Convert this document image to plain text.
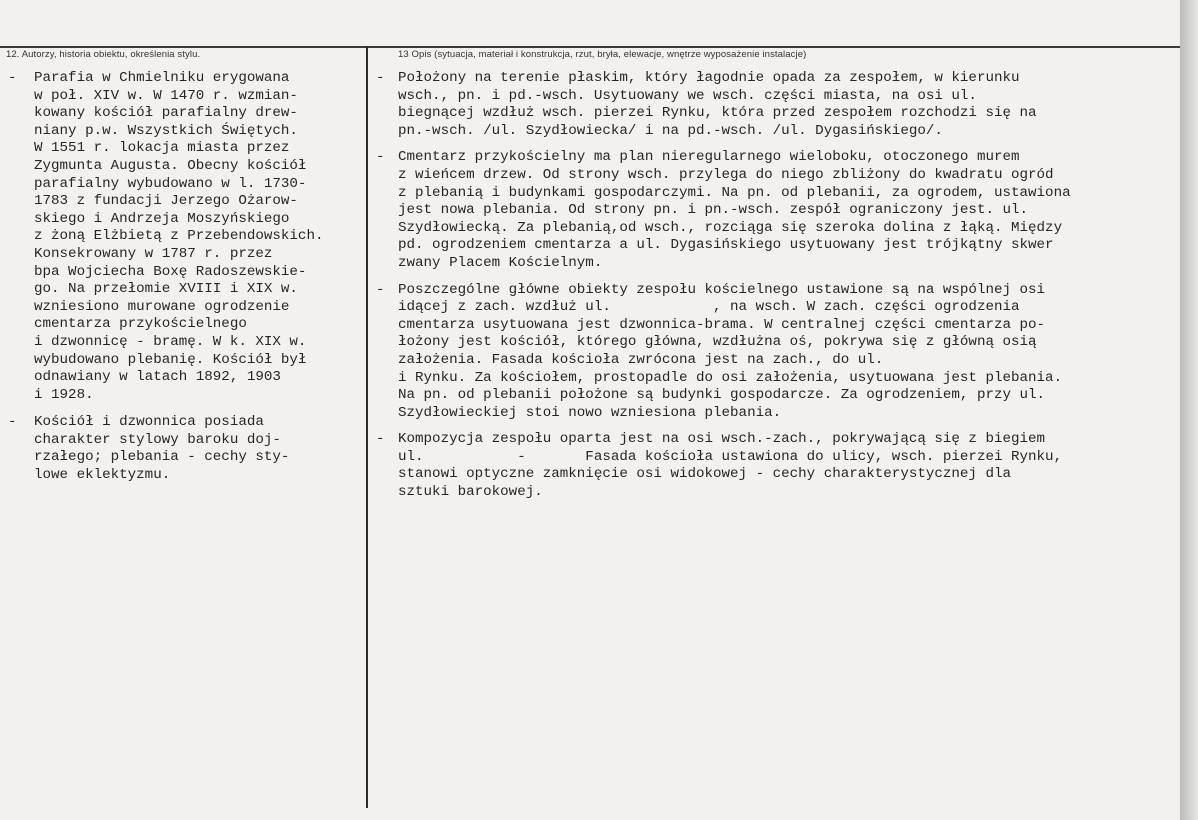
12. Autorzy, historia obiektu, określenia stylu.	13 Opis (sytuacja, materiał i konstrukcja, rzut, bryła, elewacje, wnętrze wyposażenie instalacje)
- Parafia w Chmielniku erygowana
w poł. XIV w. W 1470 r. wzmian-
kowany kościół parafialny drew-
niany p.w. Wszystkich Świętych.
W 1551 r. lokacja miasta przez
Zygmunta Augusta. Obecny kościół
parafialny wybudowano w l. 1730-
1783 z fundacji Jerzego Ożarow-
skiego i Andrzeja Moszyńskiego
z żoną Elżbietą z Przebendowskich.
Konsekrowany w 1787 r. przez
bpa Wojciecha Boxę Radoszewskie-
go. Na przełomie XVIII i XIX w.
wzniesiono murowane ogrodzenie
cmentarza przykościelnego
i dzwonnicę - bramę. W k. XIX w.
wybudowano plebanię. Kościół był
odnawiany w latach 1892, 1903
i 1928.
- Kościół i dzwonnica posiada
charakter stylowy baroku doj-
rzałego; plebania - cechy sty-
lowe eklektyzmu.
- Położony na terenie płaskim, który łagodnie opada za zespołem, w kierunku
wsch., pn. i pd.-wsch. Usytuowany we wsch. części miasta, na osi ul.
biegnącej wzdłuż wsch. pierzei Rynku, która przed zespołem rozchodzi się na
pn.-wsch. /ul. Szydłowiecka/ i na pd.-wsch. /ul. Dygasińskiego/.
- Cmentarz przykościelny ma plan nieregularnego wieloboku, otoczonego murem
z wieńcem drzew. Od strony wsch. przylega do niego zbliżony do kwadratu ogród
z plebanią i budynkami gospodarczymi. Na pn. od plebanii, za ogrodem, ustawiona
jest nowa plebania. Od strony pn. i pn.-wsch. zespół ograniczony jest. ul.
Szydłowiecką. Za plebanią,od wsch., rozciąga się szeroka dolina z łąką. Między
pd. ogrodzeniem cmentarza a ul. Dygasińskiego usytuowany jest trójkątny skwer
zwany Placem Kościelnym.
- Poszczególne główne obiekty zespołu kościelnego ustawione są na wspólnej osi
idącej z zach. wzdłuż ul.            , na wsch. W zach. części ogrodzenia
cmentarza usytuowana jest dzwonnica-brama. W centralnej części cmentarza po-
łożony jest kościół, którego główna, wzdłużna oś, pokrywa się z główną osią
założenia. Fasada kościoła zwrócona jest na zach., do ul.
i Rynku. Za kościołem, prostopadle do osi założenia, usytuowana jest plebania.
Na pn. od plebanii położone są budynki gospodarcze. Za ogrodzeniem, przy ul.
Szydłowieckiej stoi nowo wzniesiona plebania.
- Kompozycja zespołu oparta jest na osi wsch.-zach., pokrywającą się z biegiem
ul.           -       Fasada kościoła ustawiona do ulicy, wsch. pierzei Rynku,
stanowi optyczne zamknięcie osi widokowej - cechy charakterystycznej dla
sztuki barokowej.
